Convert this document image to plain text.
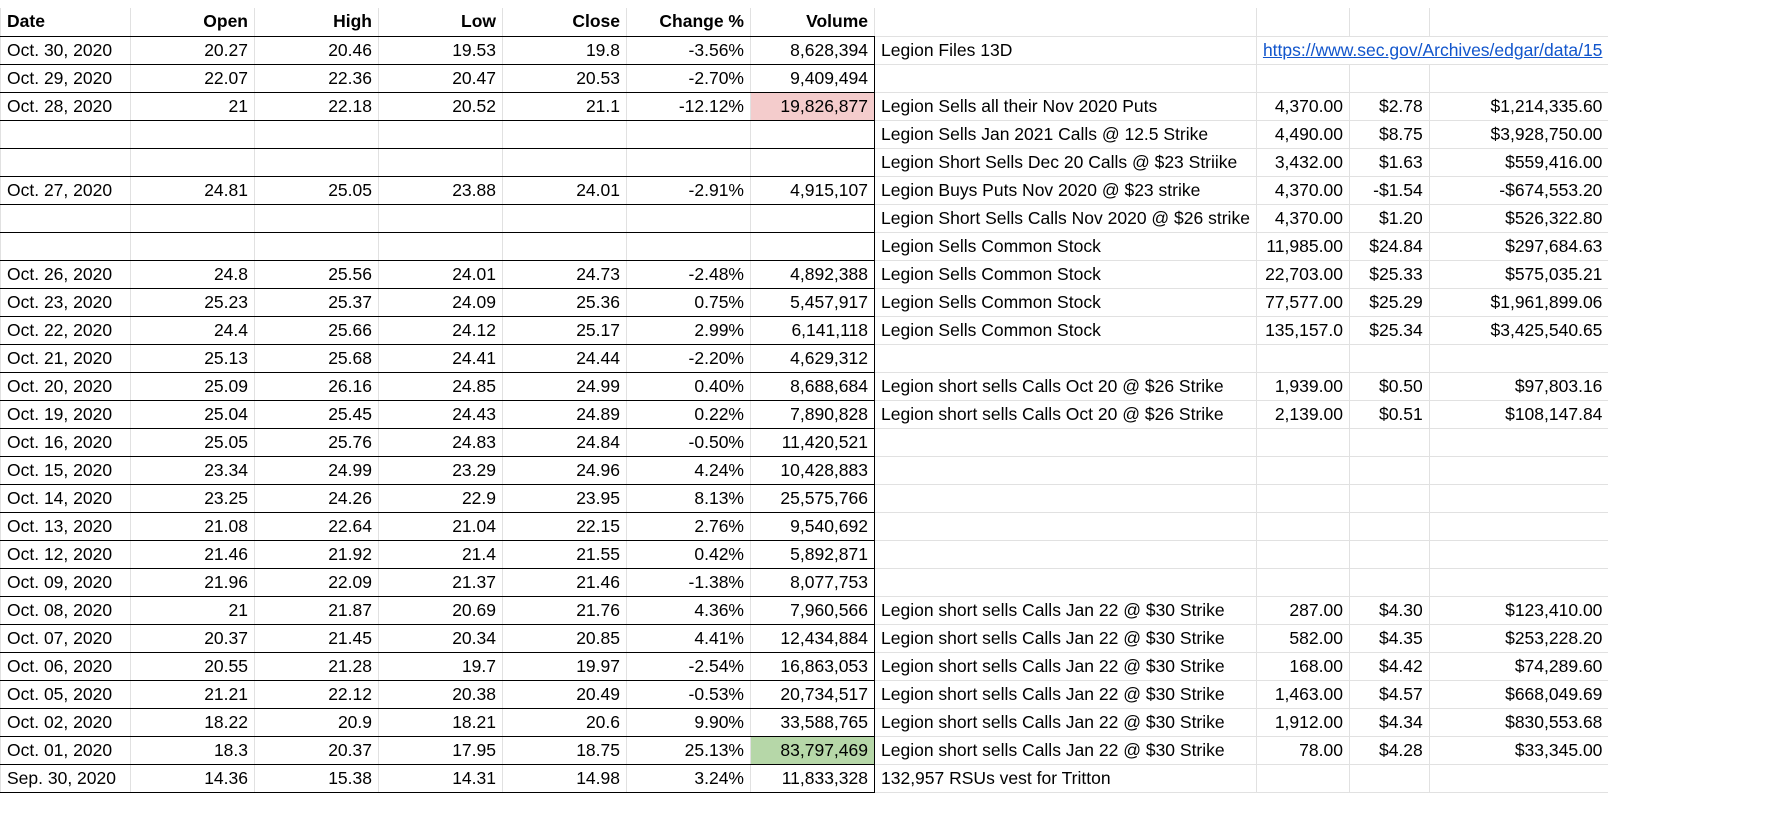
Date	Open	High	Low	Close	Change %	Volume				
Oct. 30, 2020	20.27	20.46	19.53	19.8	-3.56%	8,628,394	Legion Files 13D	https://www.sec.gov/Archives/edgar/data/15		
Oct. 29, 2020	22.07	22.36	20.47	20.53	-2.70%	9,409,494				
Oct. 28, 2020	21	22.18	20.52	21.1	-12.12%	19,826,877	Legion Sells all their Nov 2020 Puts	4,370.00	$2.78	$1,214,335.60
							Legion Sells Jan 2021 Calls @ 12.5 Strike	4,490.00	$8.75	$3,928,750.00
							Legion Short Sells Dec 20 Calls @ $23 Striike	3,432.00	$1.63	$559,416.00
Oct. 27, 2020	24.81	25.05	23.88	24.01	-2.91%	4,915,107	Legion Buys Puts Nov 2020 @ $23 strike	4,370.00	-$1.54	-$674,553.20
							Legion Short Sells Calls Nov 2020 @ $26 strike	4,370.00	$1.20	$526,322.80
							Legion Sells Common Stock	11,985.00	$24.84	$297,684.63
Oct. 26, 2020	24.8	25.56	24.01	24.73	-2.48%	4,892,388	Legion Sells Common Stock	22,703.00	$25.33	$575,035.21
Oct. 23, 2020	25.23	25.37	24.09	25.36	0.75%	5,457,917	Legion Sells Common Stock	77,577.00	$25.29	$1,961,899.06
Oct. 22, 2020	24.4	25.66	24.12	25.17	2.99%	6,141,118	Legion Sells Common Stock	135,157.0	$25.34	$3,425,540.65
Oct. 21, 2020	25.13	25.68	24.41	24.44	-2.20%	4,629,312				
Oct. 20, 2020	25.09	26.16	24.85	24.99	0.40%	8,688,684	Legion short sells Calls Oct 20 @ $26 Strike	1,939.00	$0.50	$97,803.16
Oct. 19, 2020	25.04	25.45	24.43	24.89	0.22%	7,890,828	Legion short sells Calls Oct 20 @ $26 Strike	2,139.00	$0.51	$108,147.84
Oct. 16, 2020	25.05	25.76	24.83	24.84	-0.50%	11,420,521				
Oct. 15, 2020	23.34	24.99	23.29	24.96	4.24%	10,428,883				
Oct. 14, 2020	23.25	24.26	22.9	23.95	8.13%	25,575,766				
Oct. 13, 2020	21.08	22.64	21.04	22.15	2.76%	9,540,692				
Oct. 12, 2020	21.46	21.92	21.4	21.55	0.42%	5,892,871				
Oct. 09, 2020	21.96	22.09	21.37	21.46	-1.38%	8,077,753				
Oct. 08, 2020	21	21.87	20.69	21.76	4.36%	7,960,566	Legion short sells Calls Jan 22 @ $30 Strike	287.00	$4.30	$123,410.00
Oct. 07, 2020	20.37	21.45	20.34	20.85	4.41%	12,434,884	Legion short sells Calls Jan 22 @ $30 Strike	582.00	$4.35	$253,228.20
Oct. 06, 2020	20.55	21.28	19.7	19.97	-2.54%	16,863,053	Legion short sells Calls Jan 22 @ $30 Strike	168.00	$4.42	$74,289.60
Oct. 05, 2020	21.21	22.12	20.38	20.49	-0.53%	20,734,517	Legion short sells Calls Jan 22 @ $30 Strike	1,463.00	$4.57	$668,049.69
Oct. 02, 2020	18.22	20.9	18.21	20.6	9.90%	33,588,765	Legion short sells Calls Jan 22 @ $30 Strike	1,912.00	$4.34	$830,553.68
Oct. 01, 2020	18.3	20.37	17.95	18.75	25.13%	83,797,469	Legion short sells Calls Jan 22 @ $30 Strike	78.00	$4.28	$33,345.00
Sep. 30, 2020	14.36	15.38	14.31	14.98	3.24%	11,833,328	132,957 RSUs vest for Tritton			
